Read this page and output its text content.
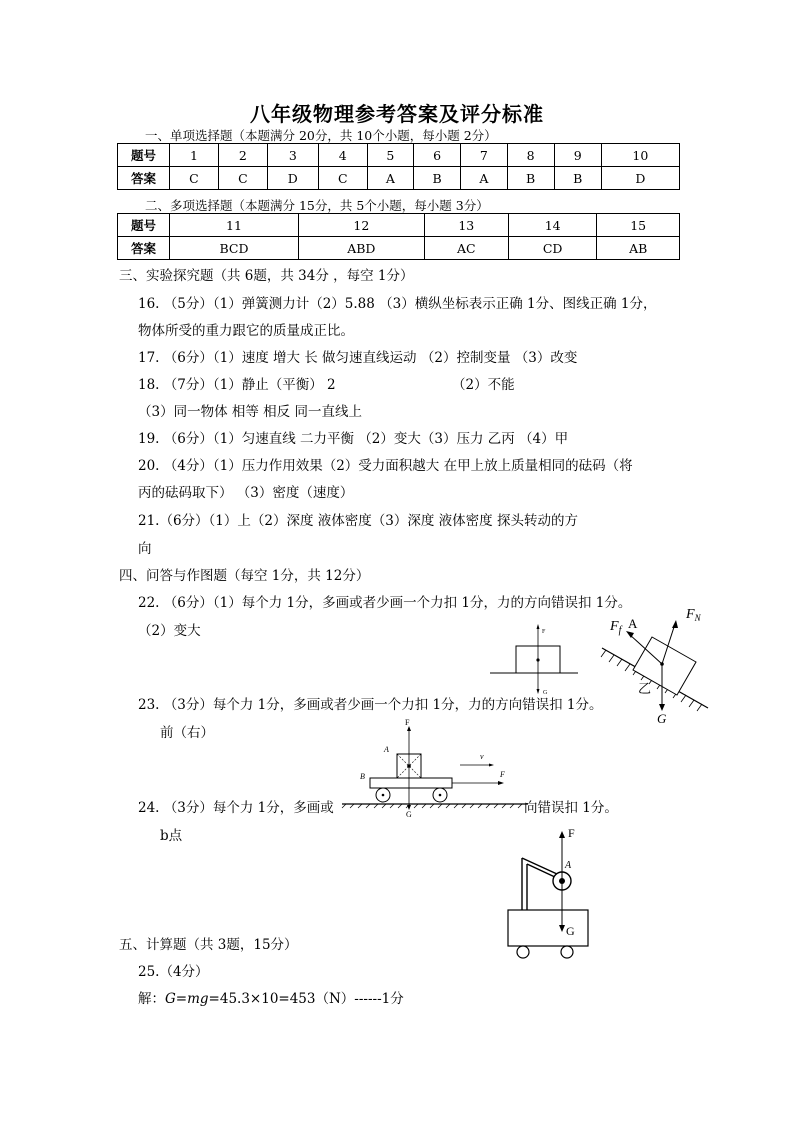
八年级物理参考答案及评分标准
一、单项选择题（本题满分 20分，共 10个小题，每小题 2分）
题号	1	2	3	4	5	6	7	8	9	10
答案	C	C	D	C	A	B	A	B	B	D
二、多项选择题（本题满分 15分，共 5个小题，每小题 3分）
题号	11	12	13	14	15
答案	BCD	ABD	AC	CD	AB
三、实验探究题（共 6题，共 34分 ，每空 1分）
16. （5分）（1）弹簧测力计（2）5.88 （3）横纵坐标表示正确 1分、图线正确 1分，
物体所受的重力跟它的质量成正比。
17. （6分）（1）速度 增大 长 做匀速直线运动 （2）控制变量 （3）改变
18. （7分）（1）静止（平衡） 2	（2）不能
（3）同一物体 相等 相反 同一直线上
19. （6分）（1）匀速直线 二力平衡 （2）变大（3）压力 乙丙 （4）甲
20. （4分）（1）压力作用效果（2）受力面积越大 在甲上放上质量相同的砝码（将
丙的砝码取下） （3）密度（速度）
21.（6分）（1）上（2）深度 液体密度（3）深度 液体密度 探头转动的方
向
四、问答与作图题（每空 1分，共 12分）
22. （6分）（1）每个力 1分，多画或者少画一个力扣 1分，力的方向错误扣 1分。
（2）变大
23. （3分）每个力 1分，多画或者少画一个力扣 1分，力的方向错误扣 1分。
前（右）
24. （3分）每个力 1分，多画或	向错误扣 1分。
b点
五、计算题（共 3题，15分）
25.（4分）
解：G=mg=45.3×10=453（N）------1分
F
G
$F_f$ A
$F_N$
乙
G
F
A
B
v
F
G
F
A
G
